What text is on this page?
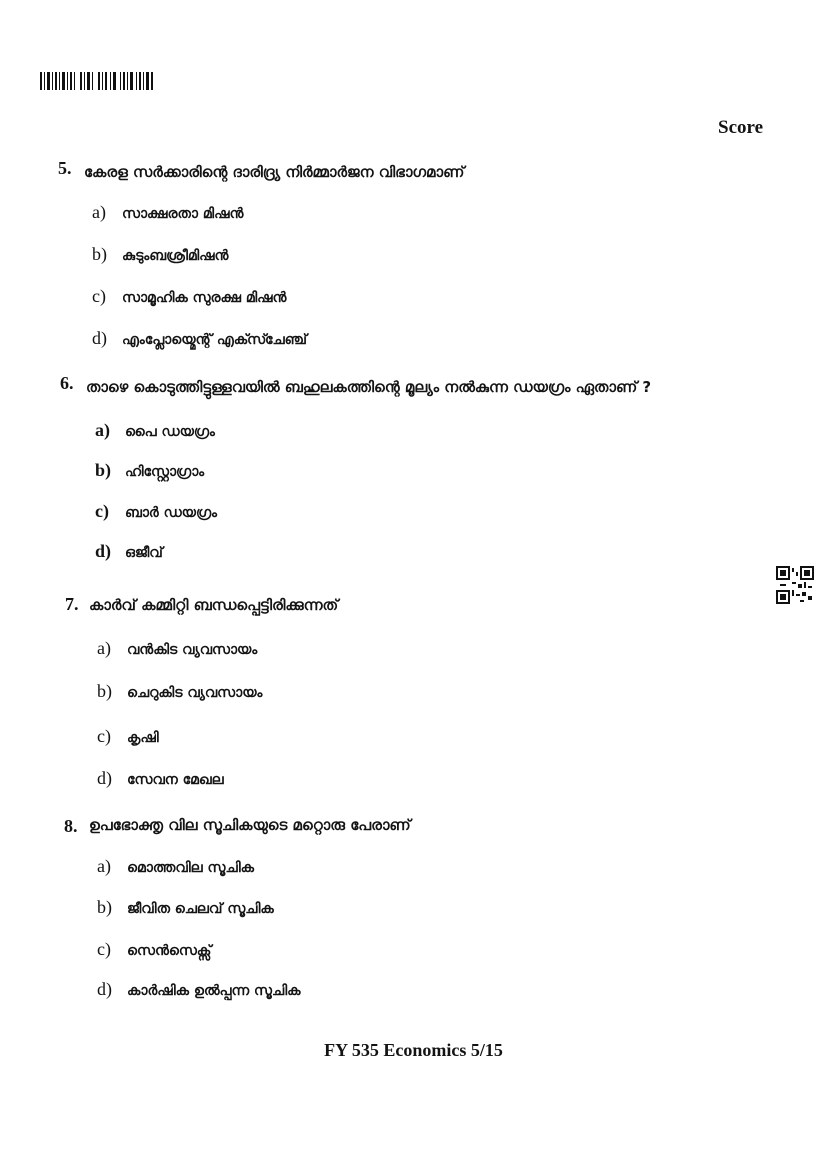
Score
5. കേരള സർക്കാരിന്റെ ദാരിദ്ര്യ നിർമ്മാർജന വിഭാഗമാണ്
a) സാക്ഷരതാ മിഷൻ
b) കുടുംബശ്രീമിഷൻ
c) സാമൂഹിക സുരക്ഷ മിഷൻ
d) എംപ്ലോയ്മെന്റ് എക്സ്ചേഞ്ച്
6. താഴെ കൊടുത്തിട്ടുള്ളവയിൽ ബഹുലകത്തിന്റെ മൂല്യം നൽകുന്ന ഡയഗ്രം ഏതാണ് ?
a) പൈ ഡയഗ്രം
b) ഹിസ്റ്റോഗ്രാം
c) ബാർ ഡയഗ്രം
d) ഒജീവ്
7. കാർവ് കമ്മിറ്റി ബന്ധപ്പെട്ടിരിക്കുന്നത്
a) വൻകിട വ്യവസായം
b) ചെറുകിട വ്യവസായം
c) കൃഷി
d) സേവന മേഖല
8. ഉപഭോക്തൃ വില സൂചികയുടെ മറ്റൊരു പേരാണ്
a) മൊത്തവില സൂചിക
b) ജീവിത ചെലവ് സൂചിക
c) സെൻസെക്സ്
d) കാർഷിക ഉൽപ്പന്ന സൂചിക
FY 535 Economics 5/15
